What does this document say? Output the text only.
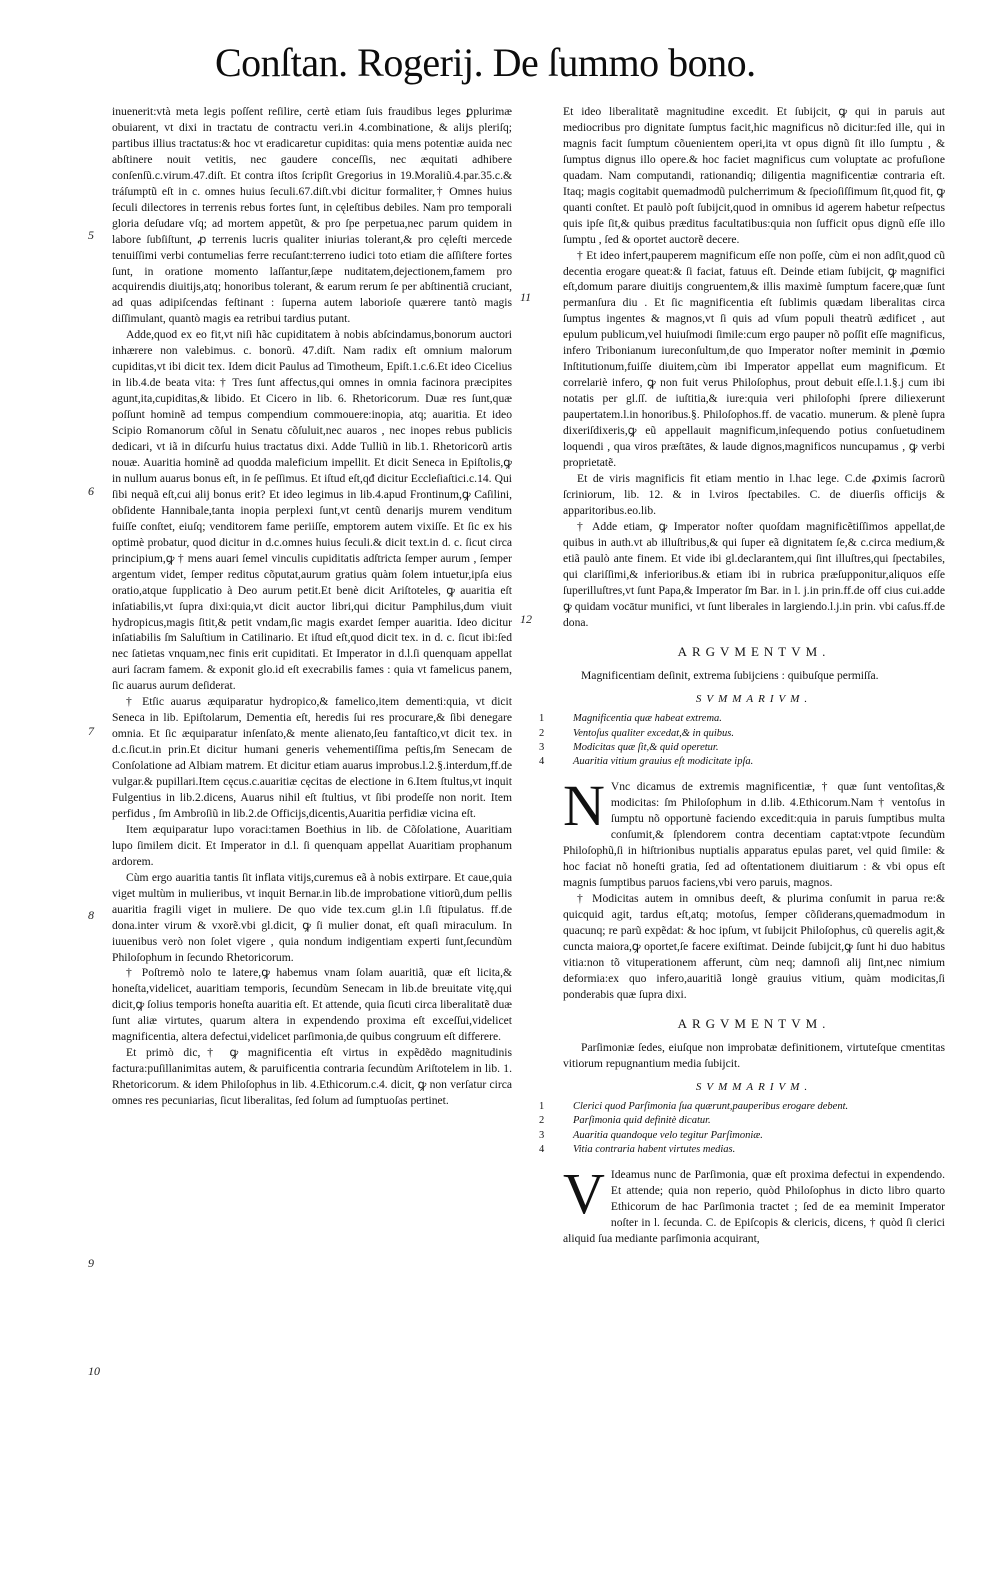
Conſtan. Rogerij. De ſummo bono.

inuenerit:vtà meta legis poſſent reſilire, certè etiam ſuis fraudibus leges ꝑplurimæ obuiarent, vt dixi in tractatu de contractu veri.in 4.combinatione, & alijs pleriſq; partibus illius tractatus:& hoc vt eradicaretur cupiditas: quia mens potentiæ auida nec abſtinere nouit vetitis, nec gaudere conceſſis, nec æquitati adhibere conſenſũ.c.virum.47.diſt. Et contra iſtos ſcripſit Gregorius in 19.Moraliũ.4.par.35.c.& tráſumptũ eſt in c. omnes huius ſeculi.67.diſt.vbi dicitur formaliter,† Omnes huius ſeculi dilectores in terrenis rebus fortes ſunt, in cęleſtibus debiles. Nam pro temporali gloria deſudare vſq; ad mortem appetũt, & pro ſpe perpetua,nec parum quidem in labore ſubſiſtunt, ꝓ terrenis lucris qualiter iniurias tolerant,& pro cęleſti mercede tenuiſſimi verbi contumelias ferre recuſant:terreno iudici toto etiam die aſſiſtere fortes ſunt, in oratione momento laſſantur,ſæpe nuditatem,dejectionem,famem pro acquirendis diuitijs,atq; honoribus tolerant, & earum rerum ſe per abſtinentiã cruciant, ad quas adipiſcendas feſtinant : ſuperna autem laborioſe quærere tantò magis diſſimulant, quantò magis ea retribui tardius putant.

Adde,quod ex eo fit,vt niſi hãc cupiditatem à nobis abſcindamus,bonorum auctori inhærere non valebimus. c. bonorũ. 47.diſt. Nam radix eſt omnium malorum cupiditas,vt ibi dicit tex. Idem dicit Paulus ad Timotheum, Epiſt.1.c.6.Et ideo Cicelius in lib.4.de beata vita: † Tres ſunt affectus,qui omnes in omnia facinora præcipites agunt,ita,cupiditas,& libido. Et Cicero in lib. 6. Rhetoricorum. Duæ res ſunt,quæ poſſunt hominẽ ad tempus compendium commouere:inopia, atq; auaritia. Et ideo Scipio Romanorum cõſul in Senatu cõſuluit,nec auaros , nec inopes rebus publicis dedicari, vt iã in diſcurſu huius tractatus dixi. Adde Tulliũ in lib.1. Rhetoricorũ artis nouæ. Auaritia hominẽ ad quodda maleficium impellit. Et dicit Seneca in Epiſtolis,ꝙ in nullum auarus bonus eſt, in ſe peſſimus. Et iſtud eſt,qđ dicitur Eccleſiaſtici.c.14. Qui ſibi nequã eſt,cui alij bonus erit? Et ideo legimus in lib.4.apud Frontinum,ꝙ Caſilini, obſidente Hannibale,tanta inopia perplexi ſunt,vt centũ denarijs murem venditum fuiſſe conſtet, eiuſq; venditorem fame periiſſe, emptorem autem vixiſſe. Et ſic ex his optimè probatur, quod dicitur in d.c.omnes huius ſeculi.& dicit text.in d. c. ſicut circa principium,ꝙ † mens auari ſemel vinculis cupiditatis adſtricta ſemper aurum , ſemper argentum videt, ſemper reditus cõputat,aurum gratius quàm ſolem intuetur,ipſa eius oratio,atque ſupplicatio à Deo aurum petit.Et benè dicit Ariſtoteles, ꝙ auaritia eſt inſatiabilis,vt ſupra dixi:quia,vt dicit auctor libri,qui dicitur Pamphilus,dum viuit hydropicus,magis ſitit,& petit vndam,ſic magis exardet ſemper auaritia. Ideo dicitur inſatiabilis ſm Saluſtium in Catilinario. Et iſtud eſt,quod dicit tex. in d. c. ſicut ibi:ſed nec ſatietas vnquam,nec finis erit cupiditati. Et Imperator in d.l.ſi quenquam appellat auri ſacram famem. & exponit glo.id eſt execrabilis fames : quia vt famelicus panem, ſic auarus aurum deſiderat.

† Etſic auarus æquiparatur hydropico,& famelico,item dementi:quia, vt dicit Seneca in lib. Epiſtolarum, Dementia eſt, heredis ſui res procurare,& ſibi denegare omnia. Et ſic æquiparatur inſenſato,& mente alienato,ſeu fantaſtico,vt dicit tex. in d.c.ſicut.in prin.Et dicitur humani generis vehementiſſima peſtis,ſm Senecam de Conſolatione ad Albiam matrem. Et dicitur etiam auarus improbus.l.2.§.interdum,ff.de vulgar.& pupillari.Item cęcus.c.auaritiæ cęcitas de electione in 6.Item ſtultus,vt inquit Fulgentius in lib.2.dicens, Auarus nihil eſt ſtultius, vt ſibi prodeſſe non norit. Item perfidus , ſm Ambroſiũ in lib.2.de Officijs,dicentis,Auaritia perfidiæ vicina eſt.

Item æquiparatur lupo voraci:tamen Boethius in lib. de Cõſolatione, Auaritiam lupo ſimilem dicit. Et Imperator in d.l. ſi quenquam appellat Auaritiam prophanum ardorem.

Cùm ergo auaritia tantis ſit inflata vitijs,curemus eã à nobis extirpare. Et caue,quia viget multùm in mulieribus, vt inquit Bernar.in lib.de improbatione vitiorũ,dum pellis auaritia fragili viget in muliere. De quo vide tex.cum gl.in l.ſi ſtipulatus. ff.de dona.inter virum & vxorẽ.vbi gl.dicit, ꝙ ſi mulier donat, eſt quaſi miraculum. In iuuenibus verò non ſolet vigere , quia nondum indigentiam experti ſunt,ſecundùm Philoſophum in ſecundo Rhetoricorum.

† Poſtremò nolo te latere,ꝙ habemus vnam ſolam auaritiã, quæ eſt licita,& honeſta,videlicet, auaritiam temporis, ſecundùm Senecam in lib.de breuitate vitę,qui dicit,ꝙ ſolius temporis honeſta auaritia eſt. Et attende, quia ſicuti circa liberalitatẽ duæ ſunt aliæ virtutes, quarum altera in expendendo proxima eſt exceſſui,videlicet magnificentia, altera defectui,videlicet parſimonia,de quibus congruum eſt differere.

Et primò dic,† ꝙ magnificentia eſt virtus in expẽdẽdo magnitudinis factura:puſillanimitas autem, & paruificentia contraria ſecundùm Ariſtotelem in lib. 1. Rhetoricorum. & idem Philoſophus in lib. 4.Ethicorum.c.4. dicit, ꝙ non verſatur circa omnes res pecuniarias, ſicut liberalitas, ſed ſolum ad ſumptuoſas pertinet.

5
6
7
8
9
10

Et ideo liberalitatẽ magnitudine excedit. Et ſubijcit, ꝙ qui in paruis aut mediocribus pro dignitate ſumptus facit,hic magnificus nõ dicitur:ſed ille, qui in magnis facit ſumptum cõuenientem operi,ita vt opus dignũ ſit illo ſumptu , & ſumptus dignus illo opere.& hoc faciet magnificus cum voluptate ac profuſione quadam. Nam computandi, rationandiq; diligentia magnificentiæ contraria eſt. Itaq; magis cogitabit quemadmodũ pulcherrimum & ſpecioſiſſimum ſit,quod fit, ꝙ quanti conſtet. Et paulò poſt ſubijcit,quod in omnibus id agerem habetur reſpectus quis ipſe ſit,& quibus præditus facultatibus:quia non ſufficit opus dignũ eſſe illo ſumptu , ſed & oportet auctorẽ decere.

† Et ideo infert,pauperem magnificum eſſe non poſſe, cùm ei non adſit,quod cũ decentia erogare queat:& ſi faciat, fatuus eſt. Deinde etiam ſubijcit, ꝙ magnifici eſt,domum parare diuitijs congruentem,& illis maximè ſumptum facere,quæ ſunt permanſura diu . Et ſic magnificentia eſt ſublimis quædam liberalitas circa ſumptus ingentes & magnos,vt ſi quis ad vſum populi theatrũ ædificet , aut epulum publicum,vel huiuſmodi ſimile:cum ergo pauper nõ poſſit eſſe magnificus, infero Tribonianum iureconſultum,de quo Imperator noſter meminit in ꝓœmio Inſtitutionum,fuiſſe diuitem,cùm ibi Imperator appellat eum magnificum. Et correlariè infero, ꝙ non fuit verus Philoſophus, prout debuit eſſe.l.1.§.j cum ibi notatis per gl.ſſ. de iuſtitia,& iure:quia veri philoſophi ſprere diliexerunt paupertatem.l.in honoribus.§. Philoſophos.ff. de vacatio. munerum. & plenè ſupra dixeriſdixeris,ꝙ eũ appellauit magnificum,inſequendo potius conſuetudinem loquendi , qua viros præſtātes, & laude dignos,magnificos nuncupamus , ꝙ verbi proprietatẽ.

Et de viris magnificis fit etiam mentio in l.hac lege. C.de ꝓximis ſacrorũ ſcriniorum, lib. 12. & in l.viros ſpectabiles. C. de diuerſis officijs & apparitoribus.eo.lib.

† Adde etiam, ꝙ Imperator noſter quoſdam magnificẽtiſſimos appellat,de quibus in auth.vt ab illuſtribus,& qui ſuper eã dignitatem ſe,& c.circa medium,& etiã paulò ante finem. Et vide ibi gl.declarantem,qui ſint illuſtres,qui ſpectabiles, qui clariſſimi,& inferioribus.& etiam ibi in rubrica præſupponitur,aliquos eſſe ſuperilluſtres,vt ſunt Papa,& Imperator ſm Bar. in l. j.in prin.ff.de off cius cui.adde ꝙ quidam vocātur munifici, vt ſunt liberales in largiendo.l.j.in prin. vbi caſus.ff.de dona.

ARGVMENTVM.

Magnificentiam deſinit, extrema ſubijciens : quibuſque permiſſa.

SVMMARIVM.
1	Magnificentia quæ habeat extrema.
2	Ventoſus qualiter excedat,& in quibus.
3	Modicitas quæ ſit,& quid operetur.
4	Auaritia vitium grauius eſt modicitate ipſa.
N Vnc dicamus de extremis magnificentiæ, † quæ ſunt ventoſitas,& modicitas: ſm Philoſophum in d.lib. 4.Ethicorum.Nam † ventoſus in ſumptu nõ opportunè faciendo excedit:quia in paruis ſumptibus multa conſumit,& ſplendorem contra decentiam captat:vtpote ſecundùm Philoſophũ,ſi in hiſtrionibus nuptialis apparatus epulas paret, vel quid ſimile: & hoc faciat nõ honeſti gratia, ſed ad oſtentationem diuitiarum : & vbi opus eſt magnis ſumptibus paruos faciens,vbi vero paruis, magnos.

† Modicitas autem in omnibus deeſt, & plurima conſumit in parua re:& quicquid agit, tardus eſt,atq; motoſus, ſemper cõſiderans,quemadmodum in quacunq; re parũ expẽdat: & hoc ipſum, vt ſubijcit Philoſophus, cũ querelis agit,& cuncta maiora,ꝙ oportet,ſe facere exiſtimat. Deinde ſubijcit,ꝙ ſunt hi duo habitus vitia:non tõ vituperationem afferunt, cùm neq; damnoſi alij ſint,nec nimium deformia:ex quo infero,auaritiã longè grauius vitium, quàm modicitas,ſi ponderabis quæ ſupra dixi.

ARGVMENTVM.

Parſimoniæ ſedes, eiuſque non improbatæ definitionem, virtuteſque cmentitas vitiorum repugnantium media ſubijcit.

SVMMARIVM.
1	Clerici quod Parſimonia ſua quærunt,pauperibus erogare debent.
2	Parſimonia quid definitè dicatur.
3	Auaritia quandoque velo tegitur Parſimoniæ.
4	Vitia contraria habent virtutes medias.
V Ideamus nunc de Parſimonia, quæ eſt proxima defectui in expendendo. Et attende; quia non reperio, quòd Philoſophus in dicto libro quarto Ethicorum de hac Parſimonia tractet ; ſed de ea meminit Imperator noſter in l. ſecunda. C. de Epiſcopis & clericis, dicens, † quòd ſi clerici aliquid ſua mediante parſimonia acquirant,

11
12
